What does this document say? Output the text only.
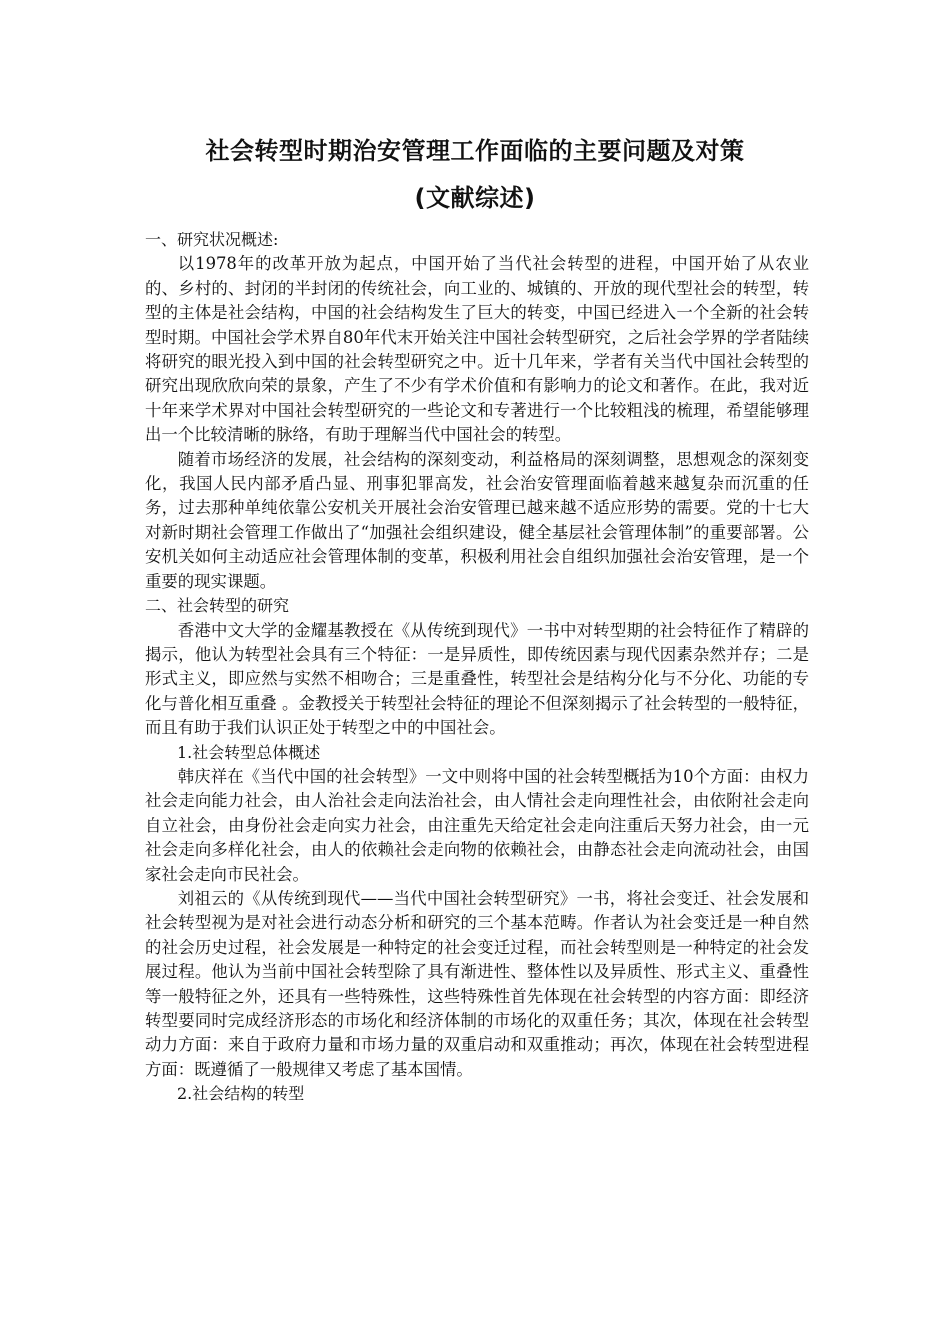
社会转型时期治安管理工作面临的主要问题及对策
(文献综述)

一、研究状况概述:

以1978年的改革开放为起点，中国开始了当代社会转型的进程，中国开始了从农业的、乡村的、封闭的半封闭的传统社会，向工业的、城镇的、开放的现代型社会的转型，转型的主体是社会结构，中国的社会结构发生了巨大的转变，中国已经进入一个全新的社会转型时期。中国社会学术界自80年代末开始关注中国社会转型研究，之后社会学界的学者陆续将研究的眼光投入到中国的社会转型研究之中。近十几年来，学者有关当代中国社会转型的研究出现欣欣向荣的景象，产生了不少有学术价值和有影响力的论文和著作。在此，我对近十年来学术界对中国社会转型研究的一些论文和专著进行一个比较粗浅的梳理，希望能够理出一个比较清晰的脉络，有助于理解当代中国社会的转型。

随着市场经济的发展，社会结构的深刻变动，利益格局的深刻调整，思想观念的深刻变化，我国人民内部矛盾凸显、刑事犯罪高发，社会治安管理面临着越来越复杂而沉重的任务，过去那种单纯依靠公安机关开展社会治安管理已越来越不适应形势的需要。党的十七大对新时期社会管理工作做出了“加强社会组织建设，健全基层社会管理体制”的重要部署。公安机关如何主动适应社会管理体制的变革，积极利用社会自组织加强社会治安管理，是一个重要的现实课题。

二、社会转型的研究

香港中文大学的金耀基教授在《从传统到现代》一书中对转型期的社会特征作了精辟的揭示，他认为转型社会具有三个特征：一是异质性，即传统因素与现代因素杂然并存；二是形式主义，即应然与实然不相吻合；三是重叠性，转型社会是结构分化与不分化、功能的专化与普化相互重叠 。金教授关于转型社会特征的理论不但深刻揭示了社会转型的一般特征，而且有助于我们认识正处于转型之中的中国社会。

1.社会转型总体概述

韩庆祥在《当代中国的社会转型》一文中则将中国的社会转型概括为10个方面：由权力社会走向能力社会，由人治社会走向法治社会，由人情社会走向理性社会，由依附社会走向自立社会，由身份社会走向实力社会，由注重先天给定社会走向注重后天努力社会，由一元社会走向多样化社会，由人的依赖社会走向物的依赖社会，由静态社会走向流动社会，由国家社会走向市民社会。

刘祖云的《从传统到现代——当代中国社会转型研究》一书，将社会变迁、社会发展和社会转型视为是对社会进行动态分析和研究的三个基本范畴。作者认为社会变迁是一种自然的社会历史过程，社会发展是一种特定的社会变迁过程，而社会转型则是一种特定的社会发展过程。他认为当前中国社会转型除了具有渐进性、整体性以及异质性、形式主义、重叠性等一般特征之外，还具有一些特殊性，这些特殊性首先体现在社会转型的内容方面：即经济转型要同时完成经济形态的市场化和经济体制的市场化的双重任务；其次，体现在社会转型动力方面：来自于政府力量和市场力量的双重启动和双重推动；再次，体现在社会转型进程方面：既遵循了一般规律又考虑了基本国情。

2.社会结构的转型
